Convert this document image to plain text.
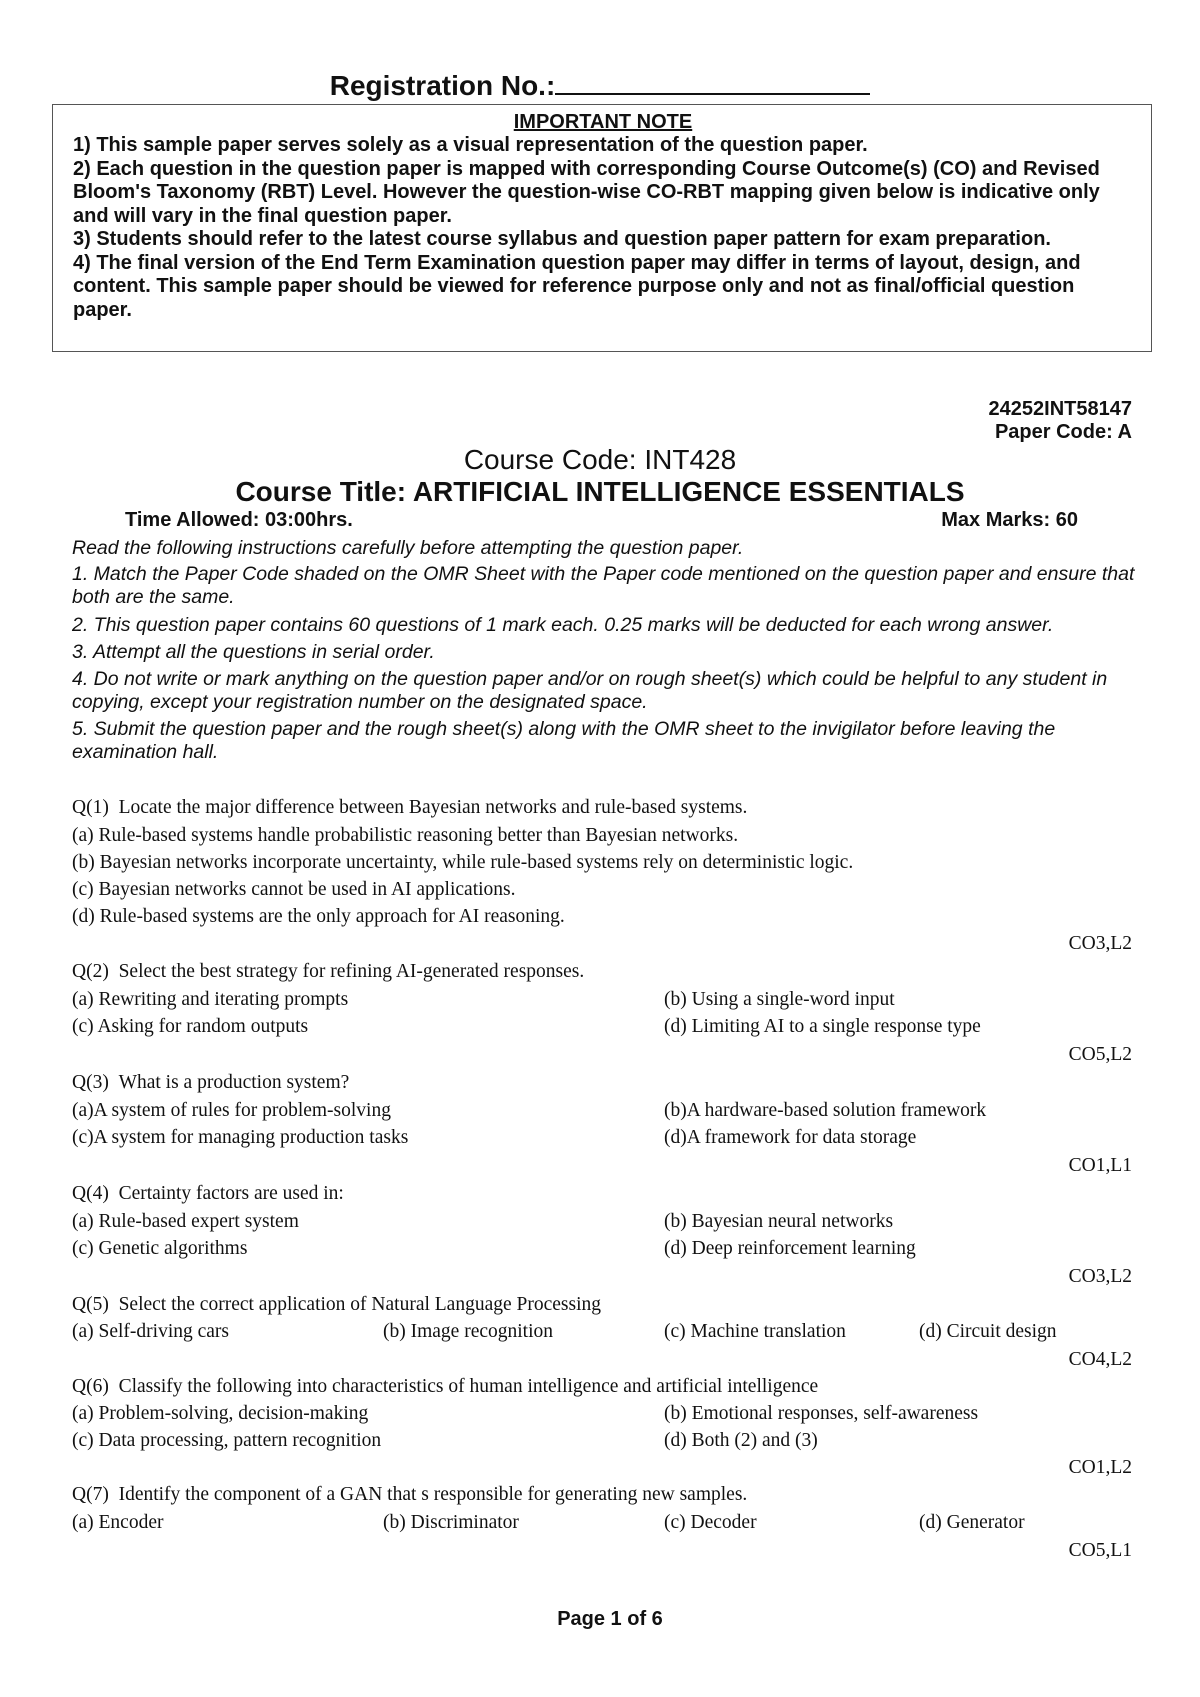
Registration No.:
IMPORTANT NOTE
1) This sample paper serves solely as a visual representation of the question paper.
2) Each question in the question paper is mapped with corresponding Course Outcome(s) (CO) and Revised Bloom's Taxonomy (RBT) Level. However the question-wise CO-RBT mapping given below is indicative only and will vary in the final question paper.
3) Students should refer to the latest course syllabus and question paper pattern for exam preparation.
4) The final version of the End Term Examination question paper may differ in terms of layout, design, and content. This sample paper should be viewed for reference purpose only and not as final/official question paper.
24252INT58147
Paper Code: A
Course Code: INT428
Course Title: ARTIFICIAL INTELLIGENCE ESSENTIALS
Time Allowed: 03:00hrs.	Max Marks: 60
Read the following instructions carefully before attempting the question paper.
1. Match the Paper Code shaded on the OMR Sheet with the Paper code mentioned on the question paper and ensure that both are the same.
2. This question paper contains 60 questions of 1 mark each. 0.25 marks will be deducted for each wrong answer.
3. Attempt all the questions in serial order.
4. Do not write or mark anything on the question paper and/or on rough sheet(s) which could be helpful to any student in copying, except your registration number on the designated space.
5. Submit the question paper and the rough sheet(s) along with the OMR sheet to the invigilator before leaving the examination hall.
Q(1) Locate the major difference between Bayesian networks and rule-based systems.
(a) Rule-based systems handle probabilistic reasoning better than Bayesian networks.
(b) Bayesian networks incorporate uncertainty, while rule-based systems rely on deterministic logic.
(c) Bayesian networks cannot be used in AI applications.
(d) Rule-based systems are the only approach for AI reasoning.
CO3,L2
Q(2) Select the best strategy for refining AI-generated responses.
(a) Rewriting and iterating prompts	(b) Using a single-word input
(c) Asking for random outputs	(d) Limiting AI to a single response type
CO5,L2
Q(3) What is a production system?
(a)A system of rules for problem-solving	(b)A hardware-based solution framework
(c)A system for managing production tasks	(d)A framework for data storage
CO1,L1
Q(4) Certainty factors are used in:
(a) Rule-based expert system	(b) Bayesian neural networks
(c) Genetic algorithms	(d) Deep reinforcement learning
CO3,L2
Q(5) Select the correct application of Natural Language Processing
(a) Self-driving cars	(b) Image recognition	(c) Machine translation	(d) Circuit design
CO4,L2
Q(6) Classify the following into characteristics of human intelligence and artificial intelligence
(a) Problem-solving, decision-making	(b) Emotional responses, self-awareness
(c) Data processing, pattern recognition	(d) Both (2) and (3)
CO1,L2
Q(7) Identify the component of a GAN that s responsible for generating new samples.
(a) Encoder	(b) Discriminator	(c) Decoder	(d) Generator
CO5,L1
Page 1 of 6
